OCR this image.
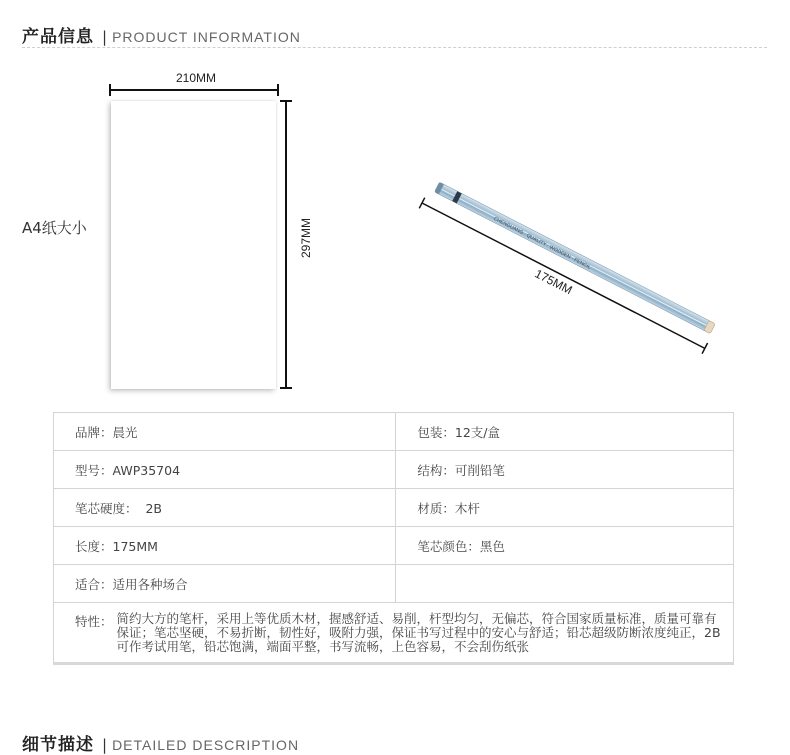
产品信息 | PRODUCT INFORMATION
A4纸大小
210MM
297MM	CHENGUANG · QUALITY · WOODEN · PENCIL
175MM
品牌：晨光	包装：12支/盒
型号：AWP35704	结构：可削铅笔
笔芯硬度：  2B	材质：木杆
长度：175MM	笔芯颜色：黑色
适合：适用各种场合	

特性： 简约大方的笔杆，采用上等优质木材，握感舒适、易削，杆型均匀，无偏芯，符合国家质量标准，质量可靠有保证；笔芯坚硬，不易折断，韧性好，吸附力强，保证书写过程中的安心与舒适；铅芯超级防断浓度纯正，2B可作考试用笔，铅芯饱满，端面平整，书写流畅，上色容易，不会刮伤纸张	
细节描述 | DETAILED DESCRIPTION
